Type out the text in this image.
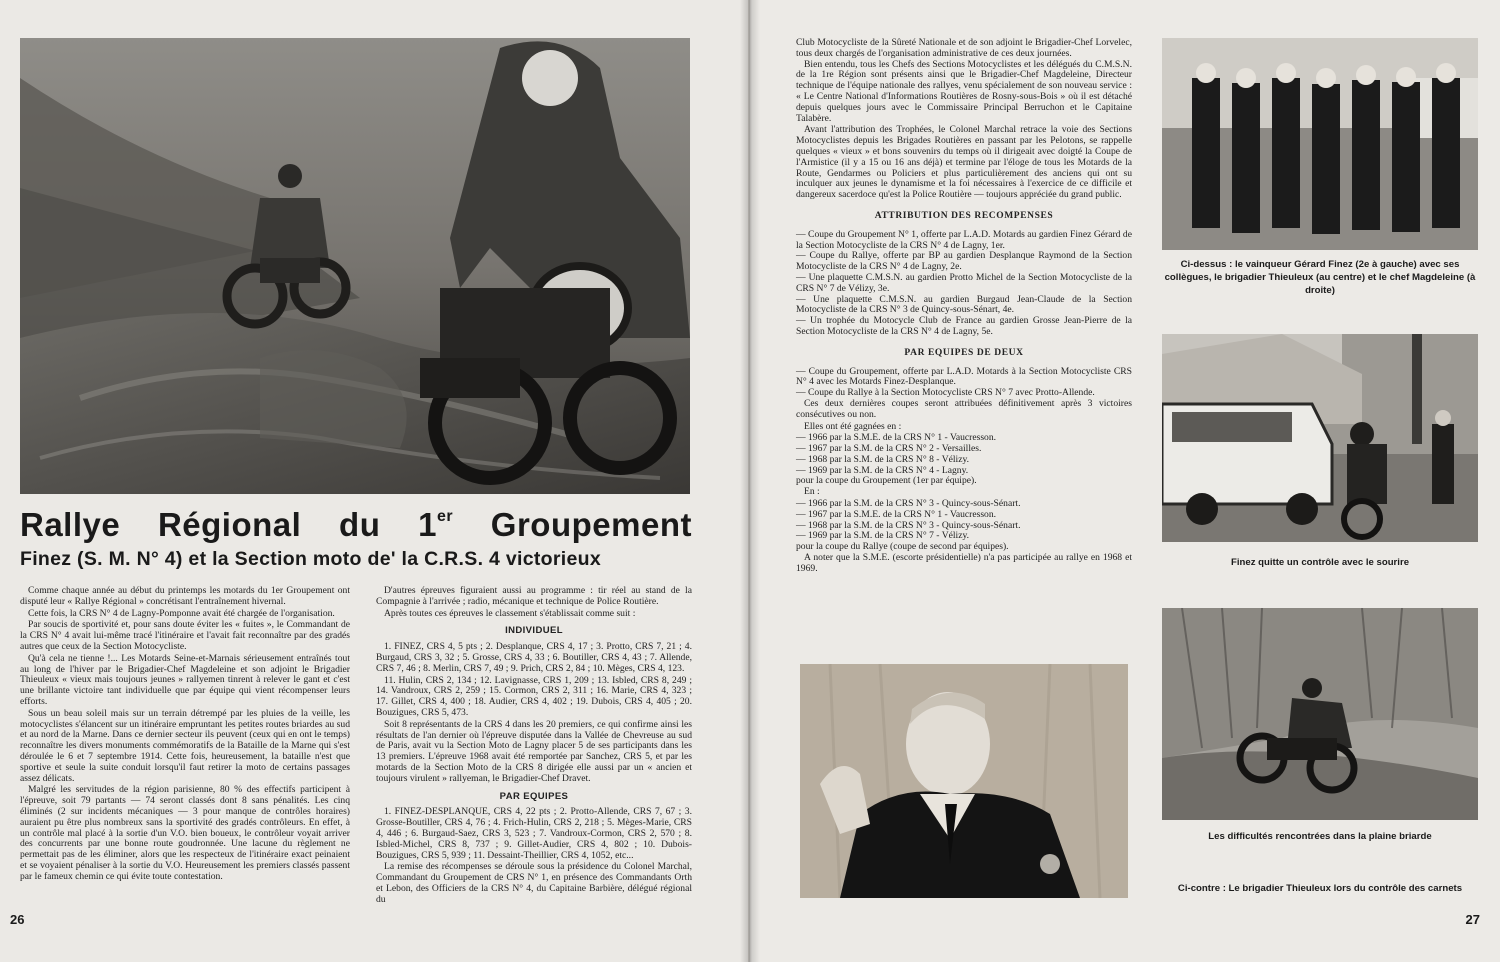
Rallye Régional du 1er Groupement
Finez (S. M. N° 4) et la Section moto de' la C.R.S. 4 victorieux

Comme chaque année au début du printemps les motards du 1er Groupement ont disputé leur « Rallye Régional » concrétisant l'entraînement hivernal.

Cette fois, la CRS N° 4 de Lagny-Pomponne avait été chargée de l'organisation.

Par soucis de sportivité et, pour sans doute éviter les « fuites », le Commandant de la CRS N° 4 avait lui-même tracé l'itinéraire et l'avait fait reconnaître par des gradés autres que ceux de la Section Motocycliste.

Qu'à cela ne tienne !... Les Motards Seine-et-Marnais sérieusement entraînés tout au long de l'hiver par le Brigadier-Chef Magdeleine et son adjoint le Brigadier Thieuleux « vieux mais toujours jeunes » rallyemen tinrent à relever le gant et c'est une brillante victoire tant individuelle que par équipe qui vient récompenser leurs efforts.

Sous un beau soleil mais sur un terrain détrempé par les pluies de la veille, les motocyclistes s'élancent sur un itinéraire empruntant les petites routes briardes au sud et au nord de la Marne. Dans ce dernier secteur ils peuvent (ceux qui en ont le temps) reconnaître les divers monuments commémoratifs de la Bataille de la Marne qui s'est déroulée le 6 et 7 septembre 1914. Cette fois, heureusement, la bataille n'est que sportive et seule la suite conduit lorsqu'il faut retirer la moto de certains passages assez délicats.

Malgré les servitudes de la région parisienne, 80 % des effectifs participent à l'épreuve, soit 79 partants — 74 seront classés dont 8 sans pénalités. Les cinq éliminés (2 sur incidents mécaniques — 3 pour manque de contrôles horaires) auraient pu être plus nombreux sans la sportivité des gradés contrôleurs. En effet, à un contrôle mal placé à la sortie d'un V.O. bien boueux, le contrôleur voyait arriver des concurrents par une bonne route goudronnée. Une lacune du règlement ne permettait pas de les éliminer, alors que les respecteux de l'itinéraire exact peinaient et se voyaient pénaliser à la sortie du V.O. Heureusement les premiers classés passent par le fameux chemin ce qui évite toute contestation.

D'autres épreuves figuraient aussi au programme : tir réel au stand de la Compagnie à l'arrivée ; radio, mécanique et technique de Police Routière.

Après toutes ces épreuves le classement s'établissait comme suit :

INDIVIDUEL

1. FINEZ, CRS 4, 5 pts ; 2. Desplanque, CRS 4, 17 ; 3. Protto, CRS 7, 21 ; 4. Burgaud, CRS 3, 32 ; 5. Grosse, CRS 4, 33 ; 6. Boutiller, CRS 4, 43 ; 7. Allende, CRS 7, 46 ; 8. Merlin, CRS 7, 49 ; 9. Prich, CRS 2, 84 ; 10. Mèges, CRS 4, 123.

11. Hulin, CRS 2, 134 ; 12. Lavignasse, CRS 1, 209 ; 13. Isbled, CRS 8, 249 ; 14. Vandroux, CRS 2, 259 ; 15. Cormon, CRS 2, 311 ; 16. Marie, CRS 4, 323 ; 17. Gillet, CRS 4, 400 ; 18. Audier, CRS 4, 402 ; 19. Dubois, CRS 4, 405 ; 20. Bouzigues, CRS 5, 473.

Soit 8 représentants de la CRS 4 dans les 20 premiers, ce qui confirme ainsi les résultats de l'an dernier où l'épreuve disputée dans la Vallée de Chevreuse au sud de Paris, avait vu la Section Moto de Lagny placer 5 de ses participants dans les 13 premiers. L'épreuve 1968 avait été remportée par Sanchez, CRS 5, et par les motards de la Section Moto de la CRS 8 dirigée elle aussi par un « ancien et toujours virulent » rallyeman, le Brigadier-Chef Dravet.

PAR EQUIPES

1. FINEZ-DESPLANQUE, CRS 4, 22 pts ; 2. Protto-Allende, CRS 7, 67 ; 3. Grosse-Boutiller, CRS 4, 76 ; 4. Frich-Hulin, CRS 2, 218 ; 5. Mèges-Marie, CRS 4, 446 ; 6. Burgaud-Saez, CRS 3, 523 ; 7. Vandroux-Cormon, CRS 2, 570 ; 8. Isbled-Michel, CRS 8, 737 ; 9. Gillet-Audier, CRS 4, 802 ; 10. Dubois-Bouzigues, CRS 5, 939 ; 11. Dessaint-Theillier, CRS 4, 1052, etc...

La remise des récompenses se déroule sous la présidence du Colonel Marchal, Commandant du Groupement de CRS N° 1, en présence des Commandants Orth et Lebon, des Officiers de la CRS N° 4, du Capitaine Barbière, délégué régional du

26

Club Motocycliste de la Sûreté Nationale et de son adjoint le Brigadier-Chef Lorvelec, tous deux chargés de l'organisation administrative de ces deux journées.

Bien entendu, tous les Chefs des Sections Motocyclistes et les délégués du C.M.S.N. de la 1re Région sont présents ainsi que le Brigadier-Chef Magdeleine, Directeur technique de l'équipe nationale des rallyes, venu spécialement de son nouveau service : « Le Centre National d'Informations Routières de Rosny-sous-Bois » où il est détaché depuis quelques jours avec le Commissaire Principal Berruchon et le Capitaine Talabère.

Avant l'attribution des Trophées, le Colonel Marchal retrace la voie des Sections Motocyclistes depuis les Brigades Routières en passant par les Pelotons, se rappelle quelques « vieux » et bons souvenirs du temps où il dirigeait avec doigté la Coupe de l'Armistice (il y a 15 ou 16 ans déjà) et termine par l'éloge de tous les Motards de la Route, Gendarmes ou Policiers et plus particulièrement des anciens qui ont su inculquer aux jeunes le dynamisme et la foi nécessaires à l'exercice de ce difficile et dangereux sacerdoce qu'est la Police Routière — toujours appréciée du grand public.

ATTRIBUTION DES RECOMPENSES

— Coupe du Groupement N° 1, offerte par L.A.D. Motards au gardien Finez Gérard de la Section Motocycliste de la CRS N° 4 de Lagny, 1er.

— Coupe du Rallye, offerte par BP au gardien Desplanque Raymond de la Section Motocycliste de la CRS N° 4 de Lagny, 2e.

— Une plaquette C.M.S.N. au gardien Protto Michel de la Section Motocycliste de la CRS N° 7 de Vélizy, 3e.

— Une plaquette C.M.S.N. au gardien Burgaud Jean-Claude de la Section Motocycliste de la CRS N° 3 de Quincy-sous-Sénart, 4e.

— Un trophée du Motocycle Club de France au gardien Grosse Jean-Pierre de la Section Motocycliste de la CRS N° 4 de Lagny, 5e.

PAR EQUIPES DE DEUX

— Coupe du Groupement, offerte par L.A.D. Motards à la Section Motocycliste CRS N° 4 avec les Motards Finez-Desplanque.

— Coupe du Rallye à la Section Motocycliste CRS N° 7 avec Protto-Allende.

Ces deux dernières coupes seront attribuées définitivement après 3 victoires consécutives ou non.

Elles ont été gagnées en :

— 1966 par la S.M.E. de la CRS N° 1 - Vaucresson.

— 1967 par la S.M. de la CRS N° 2 - Versailles.

— 1968 par la S.M. de la CRS N° 8 - Vélizy.

— 1969 par la S.M. de la CRS N° 4 - Lagny.

pour la coupe du Groupement (1er par équipe).

En :

— 1966 par la S.M. de la CRS N° 3 - Quincy-sous-Sénart.

— 1967 par la S.M.E. de la CRS N° 1 - Vaucresson.

— 1968 par la S.M. de la CRS N° 3 - Quincy-sous-Sénart.

— 1969 par la S.M. de la CRS N° 7 - Vélizy.

pour la coupe du Rallye (coupe de second par équipes).

A noter que la S.M.E. (escorte présidentielle) n'a pas participée au rallye en 1968 et 1969.

Ci-dessus : le vainqueur Gérard Finez (2e à gauche) avec ses collègues, le brigadier Thieuleux (au centre) et le chef Magdeleine (à droite)
Finez quitte un contrôle avec le sourire
Les difficultés rencontrées dans la plaine briarde
Ci-contre : Le brigadier Thieuleux lors du contrôle des carnets
27
